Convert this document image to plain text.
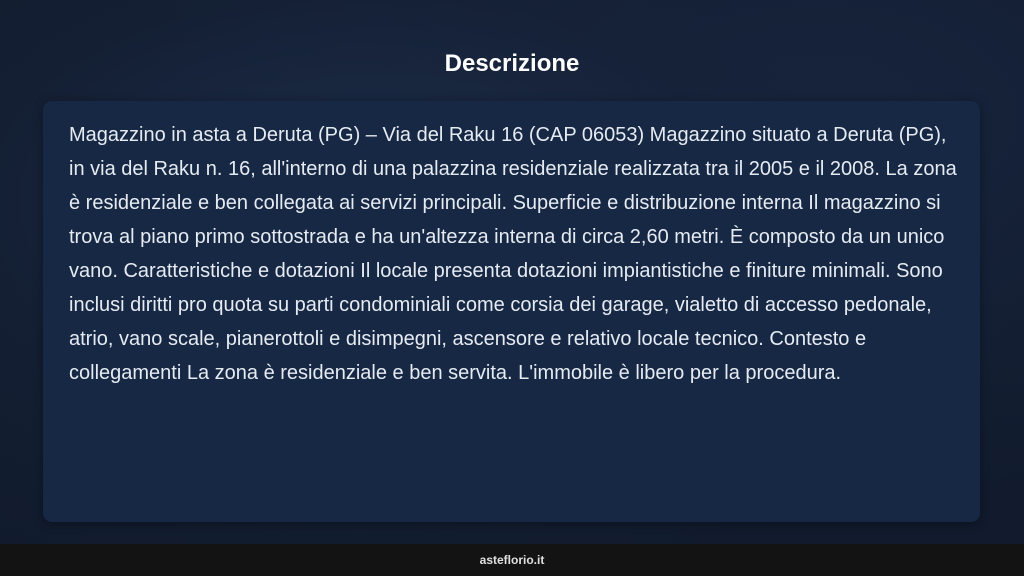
Descrizione

Magazzino in asta a Deruta (PG) – Via del Raku 16 (CAP 06053) Magazzino situato a Deruta (PG), in via del Raku n. 16, all'interno di una palazzina residenziale realizzata tra il 2005 e il 2008. La zona è residenziale e ben collegata ai servizi principali. Superficie e distribuzione interna Il magazzino si trova al piano primo sottostrada e ha un'altezza interna di circa 2,60 metri. È composto da un unico vano. Caratteristiche e dotazioni Il locale presenta dotazioni impiantistiche e finiture minimali. Sono inclusi diritti pro quota su parti condominiali come corsia dei garage, vialetto di accesso pedonale, atrio, vano scale, pianerottoli e disimpegni, ascensore e relativo locale tecnico. Contesto e collegamenti La zona è residenziale e ben servita. L'immobile è libero per la procedura.

asteflorio.it
